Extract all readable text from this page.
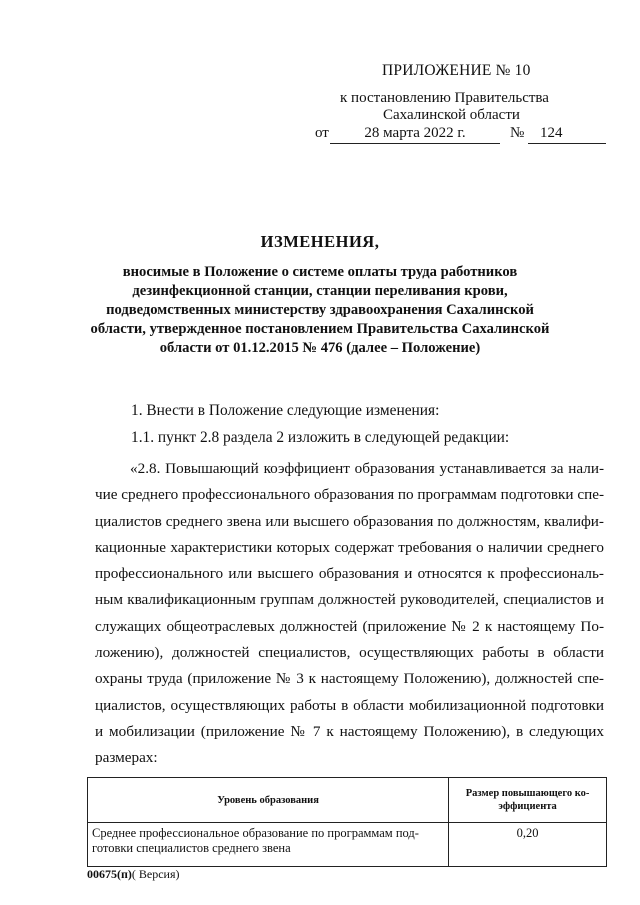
ПРИЛОЖЕНИЕ № 10
к постановлению Правительства
Сахалинской области
от	28 марта 2022 г.	№	124
ИЗМЕНЕНИЯ,
вносимые в Положение о системе оплаты труда работников
дезинфекционной станции, станции переливания крови,
подведомственных министерству здравоохранения Сахалинской
области, утвержденное постановлением Правительства Сахалинской
области от 01.12.2015 № 476 (далее – Положение)
1. Внести в Положение следующие изменения:
1.1. пункт 2.8 раздела 2 изложить в следующей редакции:
«2.8. Повышающий коэффициент образования устанавливается за нали-
чие среднего профессионального образования по программам подготовки спе-
циалистов среднего звена или высшего образования по должностям, квалифи-
кационные характеристики которых содержат требования о наличии среднего
профессионального или высшего образования и относятся к профессиональ-
ным квалификационным группам должностей руководителей, специалистов и
служащих общеотраслевых должностей (приложение № 2 к настоящему По-
ложению), должностей специалистов, осуществляющих работы в области
охраны труда (приложение № 3 к настоящему Положению), должностей спе-
циалистов, осуществляющих работы в области мобилизационной подготовки
и мобилизации (приложение № 7 к настоящему Положению), в следующих
размерах:
Уровень образования	Размер повышающего ко-эффициента
Среднее профессиональное образование по программам под-готовки специалистов среднего звена	0,20
00675(п)( Версия)
